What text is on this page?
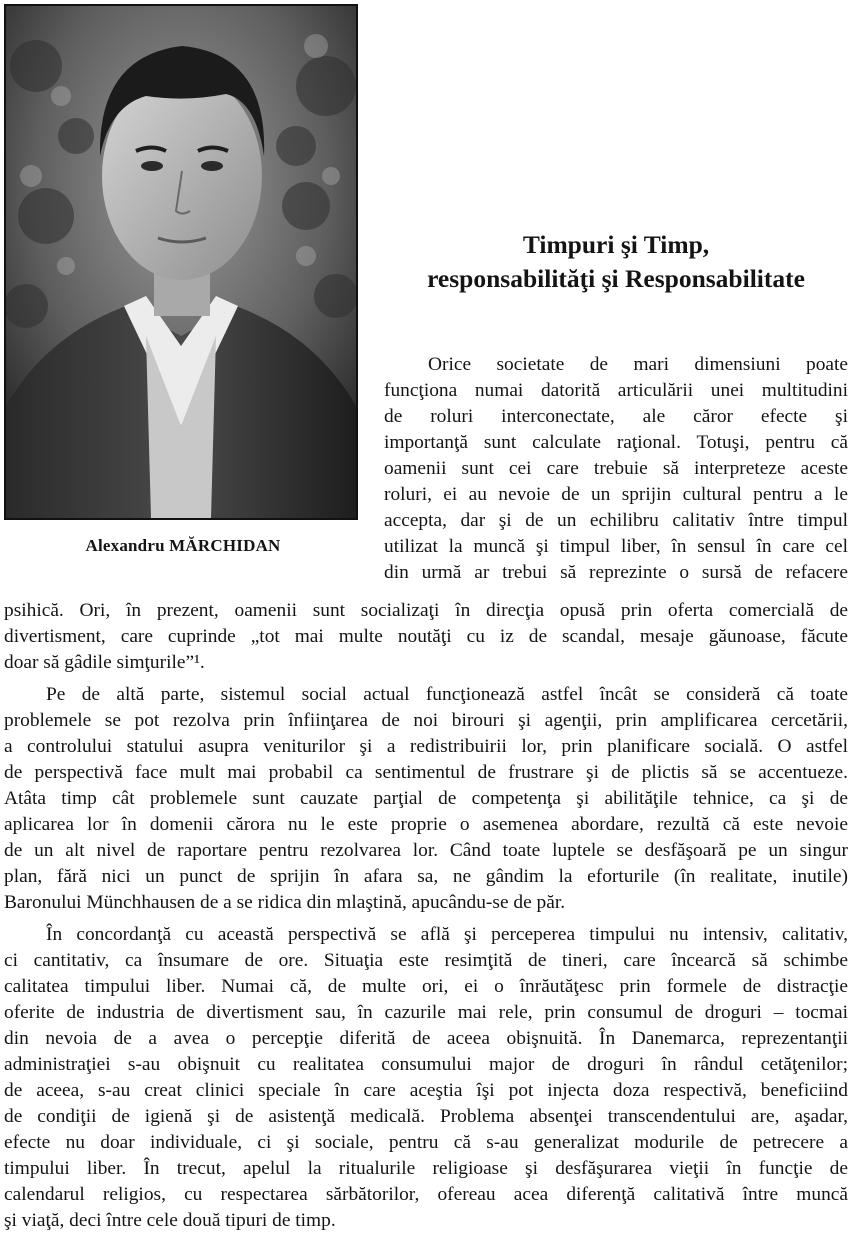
Alexandru MĂRCHIDAN
Timpuri şi Timp,
responsabilităţi şi Responsabilitate
Orice societate de mari dimensiuni poate
funcţiona numai datorită articulării unei multitudini
de roluri interconectate, ale căror efecte şi
importanţă sunt calculate raţional. Totuşi, pentru că
oamenii sunt cei care trebuie să interpreteze aceste
roluri, ei au nevoie de un sprijin cultural pentru a le
accepta, dar şi de un echilibru calitativ între timpul
utilizat la muncă şi timpul liber, în sensul în care cel
din urmă ar trebui să reprezinte o sursă de refacere
psihică. Ori, în prezent, oamenii sunt socializaţi în direcţia opusă prin oferta comercială de
divertisment, care cuprinde „tot mai multe noutăţi cu iz de scandal, mesaje găunoase, făcute
doar să gâdile simţurile”¹.
Pe de altă parte, sistemul social actual funcţionează astfel încât se consideră că toate
problemele se pot rezolva prin înfiinţarea de noi birouri şi agenţii, prin amplificarea cercetării,
a controlului statului asupra veniturilor şi a redistribuirii lor, prin planificare socială. O astfel
de perspectivă face mult mai probabil ca sentimentul de frustrare şi de plictis să se accentueze.
Atâta timp cât problemele sunt cauzate parţial de competenţa şi abilităţile tehnice, ca şi de
aplicarea lor în domenii cărora nu le este proprie o asemenea abordare, rezultă că este nevoie
de un alt nivel de raportare pentru rezolvarea lor. Când toate luptele se desfăşoară pe un singur
plan, fără nici un punct de sprijin în afara sa, ne gândim la eforturile (în realitate, inutile)
Baronului Münchhausen de a se ridica din mlaştină, apucându-se de păr.
În concordanţă cu această perspectivă se află şi perceperea timpului nu intensiv, calitativ,
ci cantitativ, ca însumare de ore. Situaţia este resimţită de tineri, care încearcă să schimbe
calitatea timpului liber. Numai că, de multe ori, ei o înrăutăţesc prin formele de distracţie
oferite de industria de divertisment sau, în cazurile mai rele, prin consumul de droguri – tocmai
din nevoia de a avea o percepţie diferită de aceea obişnuită. În Danemarca, reprezentanţii
administraţiei s-au obişnuit cu realitatea consumului major de droguri în rândul cetăţenilor;
de aceea, s-au creat clinici speciale în care aceştia îşi pot injecta doza respectivă, beneficiind
de condiţii de igienă şi de asistenţă medicală. Problema absenţei transcendentului are, aşadar,
efecte nu doar individuale, ci şi sociale, pentru că s-au generalizat modurile de petrecere a
timpului liber. În trecut, apelul la ritualurile religioase şi desfăşurarea vieţii în funcţie de
calendarul religios, cu respectarea sărbătorilor, ofereau acea diferenţă calitativă între muncă
şi viaţă, deci între cele două tipuri de timp.
